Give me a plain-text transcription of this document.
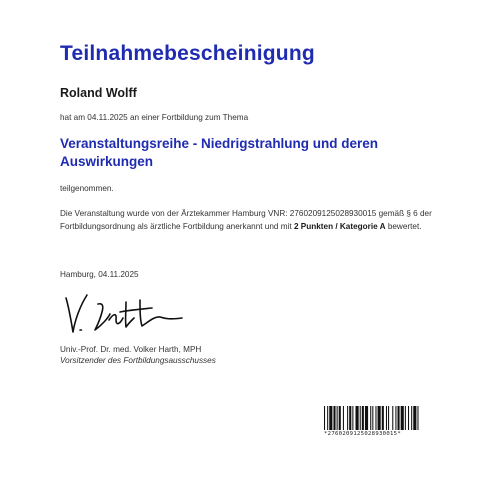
Teilnahmebescheinigung
Roland Wolff
hat am 04.11.2025 an einer Fortbildung zum Thema
Veranstaltungsreihe - Niedrigstrahlung und deren Auswirkungen
teilgenommen.
Die Veranstaltung wurde von der Ärztekammer Hamburg VNR: 2760209125028930015 gemäß § 6 der Fortbildungsordnung als ärztliche Fortbildung anerkannt und mit 2 Punkten / Kategorie A bewertet.
Hamburg, 04.11.2025
Univ.-Prof. Dr. med. Volker Harth, MPH
Vorsitzender des Fortbildungsausschusses
*2760209125028930015*
